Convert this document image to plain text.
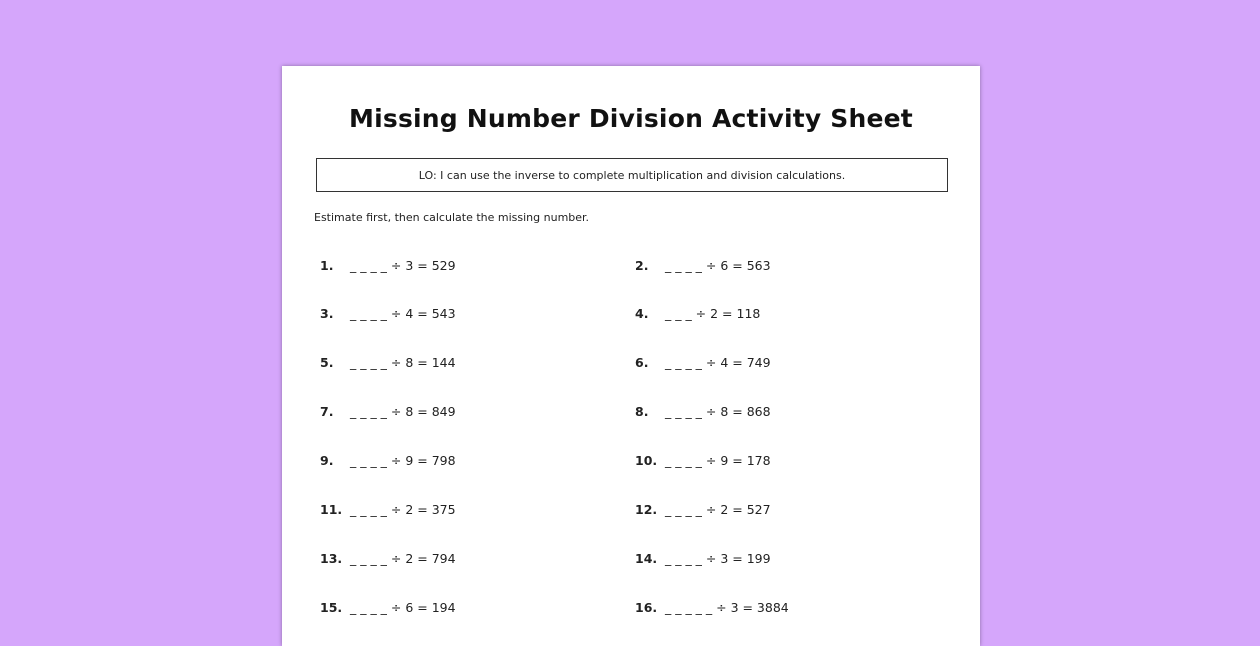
Missing Number Division Activity Sheet
LO: I can use the inverse to complete multiplication and division calculations.
Estimate first, then calculate the missing number.
1. _ _ _ _ ÷ 3 = 529	2. _ _ _ _ ÷ 6 = 563
3. _ _ _ _ ÷ 4 = 543	4. _ _ _ ÷ 2 = 118
5. _ _ _ _ ÷ 8 = 144	6. _ _ _ _ ÷ 4 = 749
7. _ _ _ _ ÷ 8 = 849	8. _ _ _ _ ÷ 8 = 868
9. _ _ _ _ ÷ 9 = 798	10. _ _ _ _ ÷ 9 = 178
11. _ _ _ _ ÷ 2 = 375	12. _ _ _ _ ÷ 2 = 527
13. _ _ _ _ ÷ 2 = 794	14. _ _ _ _ ÷ 3 = 199
15. _ _ _ _ ÷ 6 = 194	16. _ _ _ _ _ ÷ 3 = 3884
